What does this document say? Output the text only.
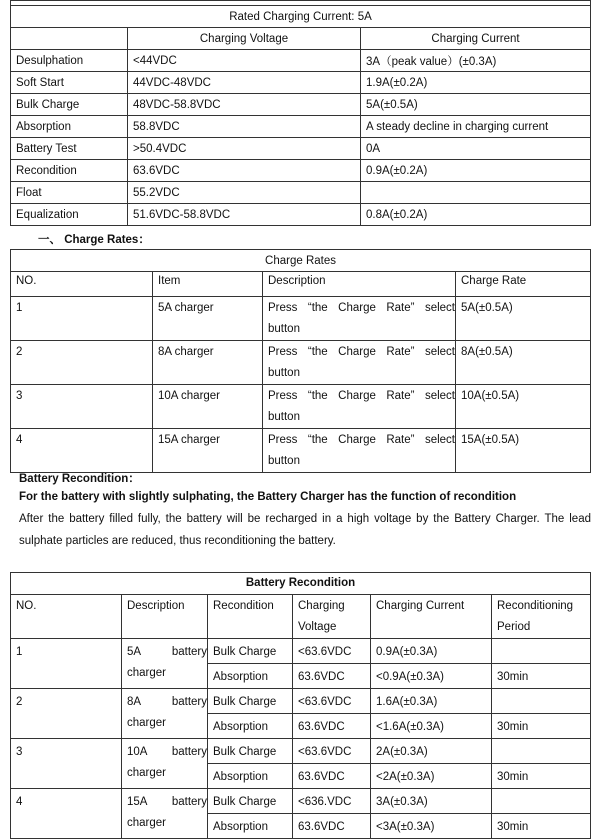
Rated Charging Current: 5A		
	Charging Voltage	Charging Current
Desulphation	<44VDC	3A（peak value）(±0.3A)
Soft Start	44VDC-48VDC	1.9A(±0.2A)
Bulk Charge	48VDC-58.8VDC	5A(±0.5A)
Absorption	58.8VDC	A steady decline in charging current
Battery Test	>50.4VDC	0A
Recondition	63.6VDC	0.9A(±0.2A)
Float	55.2VDC	
Equalization	51.6VDC-58.8VDC	0.8A(±0.2A)
一、 Charge Rates：
Charge Rates			
NO.	Item	Description	Charge Rate
1	5A charger	Press “the Charge Rate” select button	5A(±0.5A)
2	8A charger	Press “the Charge Rate” select button	8A(±0.5A)
3	10A charger	Press “the Charge Rate” select button	10A(±0.5A)
4	15A charger	Press “the Charge Rate” select button	15A(±0.5A)
Battery Recondition：
For the battery with slightly sulphating, the Battery Charger has the function of recondition
After the battery filled fully, the battery will be recharged in a high voltage by the Battery Charger. The lead sulphate particles are reduced, thus reconditioning the battery.
Battery Recondition					
NO.	Description	Recondition	Charging Voltage	Charging Current	Reconditioning Period
1	5A battery charger	Bulk Charge	<63.6VDC	0.9A(±0.3A)	
		Absorption	63.6VDC	<0.9A(±0.3A)	30min
2	8A battery charger	Bulk Charge	<63.6VDC	1.6A(±0.3A)	
		Absorption	63.6VDC	<1.6A(±0.3A)	30min
3	10A battery charger	Bulk Charge	<63.6VDC	2A(±0.3A)	
		Absorption	63.6VDC	<2A(±0.3A)	30min
4	15A battery charger	Bulk Charge	<636.VDC	3A(±0.3A)	
		Absorption	63.6VDC	<3A(±0.3A)	30min
